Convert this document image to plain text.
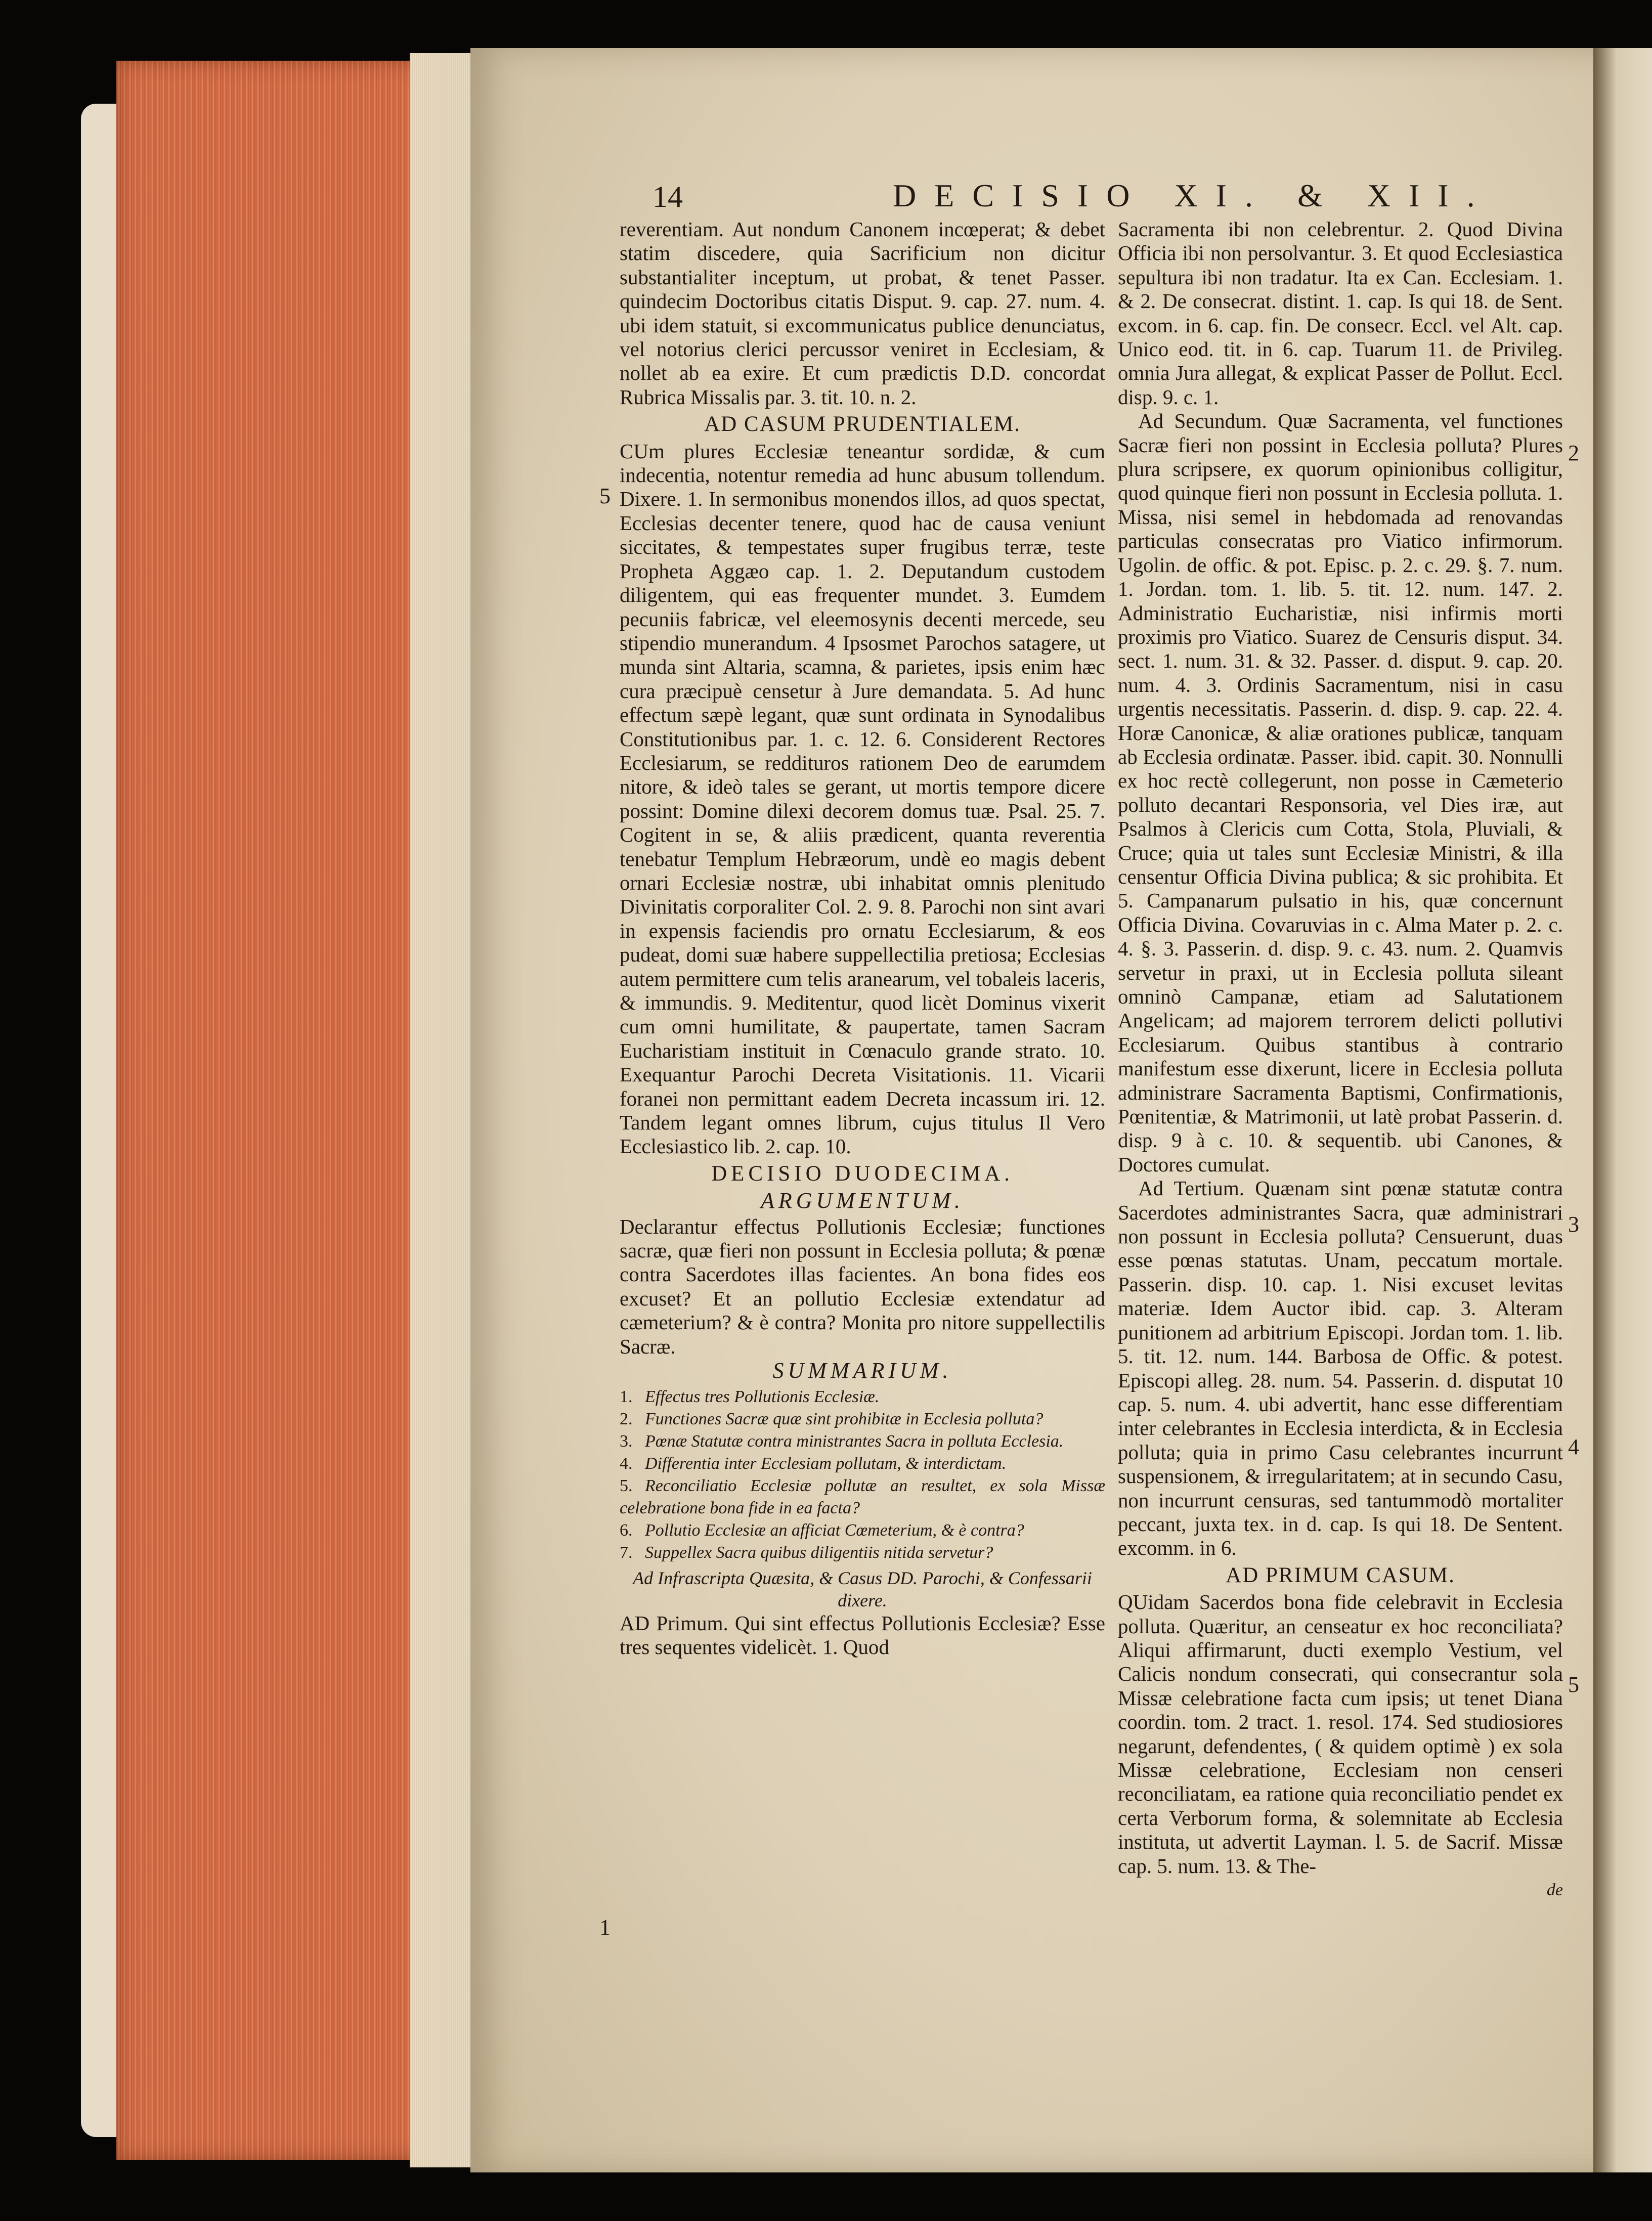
14	DECISIO XI. & XII.

reverentiam. Aut nondum Canonem incœperat; & debet statim discedere, quia Sacrificium non dicitur substantialiter inceptum, ut probat, & tenet Passer. quindecim Doctoribus citatis Disput. 9. cap. 27. num. 4. ubi idem statuit, si excommunicatus publice denunciatus, vel notorius clerici percussor veniret in Ecclesiam, & nollet ab ea exire. Et cum prædictis D.D. concordat Rubrica Missalis par. 3. tit. 10. n. 2.

AD CASUM PRUDENTIALEM.

CUm plures Ecclesiæ teneantur sordidæ, & cum indecentia, notentur remedia ad hunc abusum tollendum. Dixere. 1. In sermonibus monendos illos, ad quos spectat, Ecclesias decenter tenere, quod hac de causa veniunt siccitates, & tempestates super frugibus terræ, teste Propheta Aggæo cap. 1. 2. Deputandum custodem diligentem, qui eas frequenter mundet. 3. Eumdem pecuniis fabricæ, vel eleemosynis decenti mercede, seu stipendio munerandum. 4 Ipsosmet Parochos satagere, ut munda sint Altaria, scamna, & parietes, ipsis enim hæc cura præcipuè censetur à Jure demandata. 5. Ad hunc effectum sæpè legant, quæ sunt ordinata in Synodalibus Constitutionibus par. 1. c. 12. 6. Considerent Rectores Ecclesiarum, se reddituros rationem Deo de earumdem nitore, & ideò tales se gerant, ut mortis tempore dicere possint: Domine dilexi decorem domus tuæ. Psal. 25. 7. Cogitent in se, & aliis prædicent, quanta reverentia tenebatur Templum Hebræorum, undè eo magis debent ornari Ecclesiæ nostræ, ubi inhabitat omnis plenitudo Divinitatis corporaliter Col. 2. 9. 8. Parochi non sint avari in expensis faciendis pro ornatu Ecclesiarum, & eos pudeat, domi suæ habere suppellectilia pretiosa; Ecclesias autem permittere cum telis aranearum, vel tobaleis laceris, & immundis. 9. Meditentur, quod licèt Dominus vixerit cum omni humilitate, & paupertate, tamen Sacram Eucharistiam instituit in Cœnaculo grande strato. 10. Exequantur Parochi Decreta Visitationis. 11. Vicarii foranei non permittant eadem Decreta incassum iri. 12. Tandem legant omnes librum, cujus titulus Il Vero Ecclesiastico lib. 2. cap. 10.

DECISIO DUODECIMA.
ARGUMENTUM.

Declarantur effectus Pollutionis Ecclesiæ; functiones sacræ, quæ fieri non possunt in Ecclesia polluta; & pœnæ contra Sacerdotes illas facientes. An bona fides eos excuset? Et an pollutio Ecclesiæ extendatur ad cæmeterium? & è contra? Monita pro nitore suppellectilis Sacræ.

SUMMARIUM.
1. Effectus tres Pollutionis Ecclesiæ.
2. Functiones Sacræ quæ sint prohibitæ in Ecclesia polluta?
3. Pœnæ Statutæ contra ministrantes Sacra in polluta Ecclesia.
4. Differentia inter Ecclesiam pollutam, & interdictam.
5. Reconciliatio Ecclesiæ pollutæ an resultet, ex sola Missæ celebratione bona fide in ea facta?
6. Pollutio Ecclesiæ an afficiat Cœmeterium, & è contra?
7. Suppellex Sacra quibus diligentiis nitida servetur?

Ad Infrascripta Quæsita, & Casus DD. Parochi, & Confessarii dixere.

AD Primum. Qui sint effectus Pollutionis Ecclesiæ? Esse tres sequentes videlicèt. 1. Quod

Sacramenta ibi non celebrentur. 2. Quod Divina Officia ibi non persolvantur. 3. Et quod Ecclesiastica sepultura ibi non tradatur. Ita ex Can. Ecclesiam. 1. & 2. De consecrat. distint. 1. cap. Is qui 18. de Sent. excom. in 6. cap. fin. De consecr. Eccl. vel Alt. cap. Unico eod. tit. in 6. cap. Tuarum 11. de Privileg. omnia Jura allegat, & explicat Passer de Pollut. Eccl. disp. 9. c. 1.

Ad Secundum. Quæ Sacramenta, vel functiones Sacræ fieri non possint in Ecclesia polluta? Plures plura scripsere, ex quorum opinionibus colligitur, quod quinque fieri non possunt in Ecclesia polluta. 1. Missa, nisi semel in hebdomada ad renovandas particulas consecratas pro Viatico infirmorum. Ugolin. de offic. & pot. Episc. p. 2. c. 29. §. 7. num. 1. Jordan. tom. 1. lib. 5. tit. 12. num. 147. 2. Administratio Eucharistiæ, nisi infirmis morti proximis pro Viatico. Suarez de Censuris disput. 34. sect. 1. num. 31. & 32. Passer. d. disput. 9. cap. 20. num. 4. 3. Ordinis Sacramentum, nisi in casu urgentis necessitatis. Passerin. d. disp. 9. cap. 22. 4. Horæ Canonicæ, & aliæ orationes publicæ, tanquam ab Ecclesia ordinatæ. Passer. ibid. capit. 30. Nonnulli ex hoc rectè collegerunt, non posse in Cæmeterio polluto decantari Responsoria, vel Dies iræ, aut Psalmos à Clericis cum Cotta, Stola, Pluviali, & Cruce; quia ut tales sunt Ecclesiæ Ministri, & illa censentur Officia Divina publica; & sic prohibita. Et 5. Campanarum pulsatio in his, quæ concernunt Officia Divina. Covaruvias in c. Alma Mater p. 2. c. 4. §. 3. Passerin. d. disp. 9. c. 43. num. 2. Quamvis servetur in praxi, ut in Ecclesia polluta sileant omninò Campanæ, etiam ad Salutationem Angelicam; ad majorem terrorem delicti pollutivi Ecclesiarum. Quibus stantibus à contrario manifestum esse dixerunt, licere in Ecclesia polluta administrare Sacramenta Baptismi, Confirmationis, Pœnitentiæ, & Matrimonii, ut latè probat Passerin. d. disp. 9 à c. 10. & sequentib. ubi Canones, & Doctores cumulat.

Ad Tertium. Quænam sint pœnæ statutæ contra Sacerdotes administrantes Sacra, quæ administrari non possunt in Ecclesia polluta? Censuerunt, duas esse pœnas statutas. Unam, peccatum mortale. Passerin. disp. 10. cap. 1. Nisi excuset levitas materiæ. Idem Auctor ibid. cap. 3. Alteram punitionem ad arbitrium Episcopi. Jordan tom. 1. lib. 5. tit. 12. num. 144. Barbosa de Offic. & potest. Episcopi alleg. 28. num. 54. Passerin. d. disputat 10 cap. 5. num. 4. ubi advertit, hanc esse differentiam inter celebrantes in Ecclesia interdicta, & in Ecclesia polluta; quia in primo Casu celebrantes incurrunt suspensionem, & irregularitatem; at in secundo Casu, non incurrunt censuras, sed tantummodò mortaliter peccant, juxta tex. in d. cap. Is qui 18. De Sentent. excomm. in 6.

AD PRIMUM CASUM.

QUidam Sacerdos bona fide celebravit in Ecclesia polluta. Quæritur, an censeatur ex hoc reconciliata? Aliqui affirmarunt, ducti exemplo Vestium, vel Calicis nondum consecrati, qui consecrantur sola Missæ celebratione facta cum ipsis; ut tenet Diana coordin. tom. 2 tract. 1. resol. 174. Sed studiosiores negarunt, defendentes, ( & quidem optimè ) ex sola Missæ celebratione, Ecclesiam non censeri reconciliatam, ea ratione quia reconciliatio pendet ex certa Verborum forma, & solemnitate ab Ecclesia instituta, ut advertit Layman. l. 5. de Sacrif. Missæ cap. 5. num. 13. & The-

de
5
1
2
3
4
5
